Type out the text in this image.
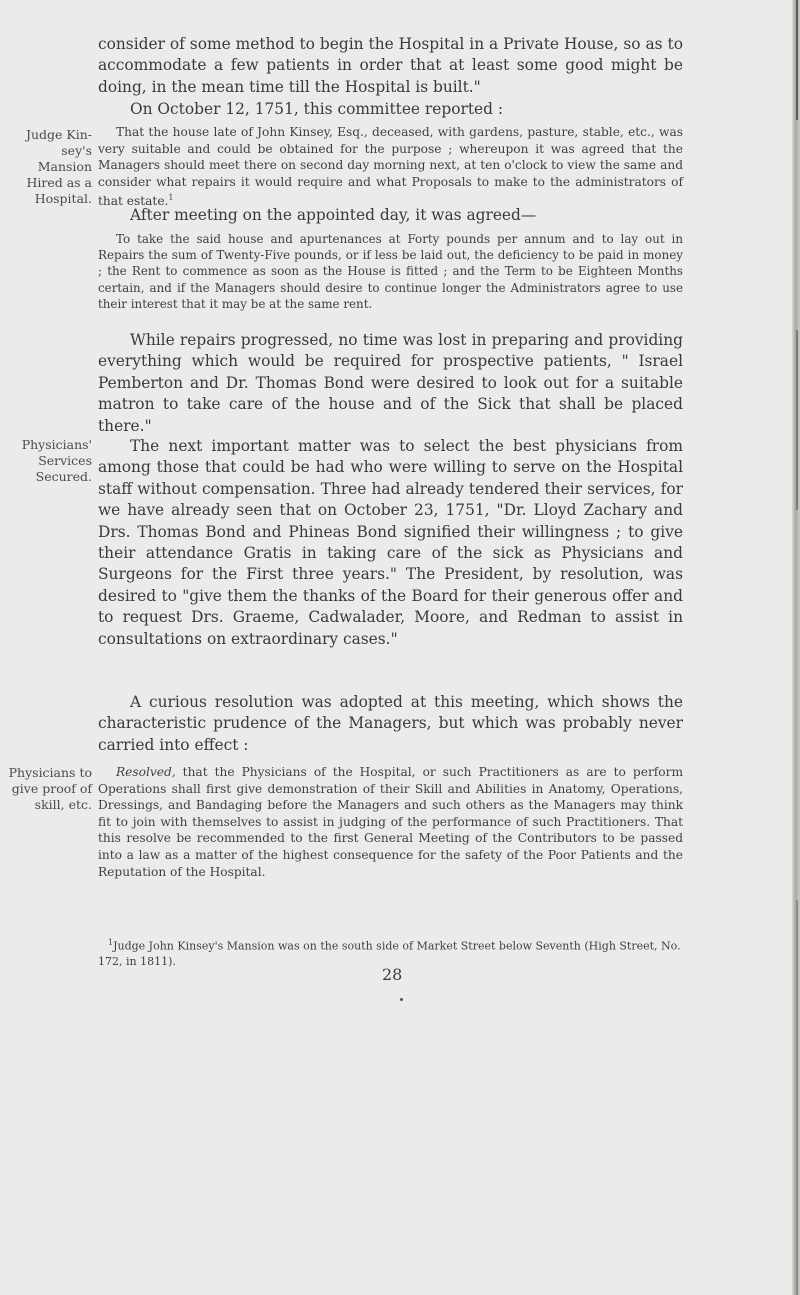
consider of some method to begin the Hospital in a Private House, so as to accommodate a few patients in order that at least some good might be doing, in the mean time till the Hospital is built."

On October 12, 1751, this committee reported :

Judge Kin-
sey's Mansion
Hired as a
Hospital.

That the house late of John Kinsey, Esq., deceased, with gardens, pasture, stable, etc., was very suitable and could be obtained for the purpose ; whereupon it was agreed that the Managers should meet there on second day morning next, at ten o'clock to view the same and consider what repairs it would require and what Proposals to make to the administrators of that estate.$^1$

After meeting on the appointed day, it was agreed—

To take the said house and apurtenances at Forty pounds per annum and to lay out in Repairs the sum of Twenty-Five pounds, or if less be laid out, the deficiency to be paid in money ; the Rent to commence as soon as the House is fitted ; and the Term to be Eighteen Months certain, and if the Managers should desire to continue longer the Administrators agree to use their interest that it may be at the same rent.

While repairs progressed, no time was lost in preparing and providing everything which would be required for prospective patients, " Israel Pemberton and Dr. Thomas Bond were desired to look out for a suitable matron to take care of the house and of the Sick that shall be placed there."

Physicians'
Services
Secured.

The next important matter was to select the best physicians from among those that could be had who were willing to serve on the Hospital staff without compensation. Three had already tendered their services, for we have already seen that on October 23, 1751, "Dr. Lloyd Zachary and Drs. Thomas Bond and Phineas Bond signified their willingness ; to give their attendance Gratis in taking care of the sick as Physicians and Surgeons for the First three years." The President, by resolution, was desired to "give them the thanks of the Board for their generous offer and to request Drs. Graeme, Cadwalader, Moore, and Redman to assist in consultations on extraordinary cases."

A curious resolution was adopted at this meeting, which shows the characteristic prudence of the Managers, but which was probably never carried into effect :

Physicians to
give proof of
skill, etc.

Resolved, that the Physicians of the Hospital, or such Practitioners as are to perform Operations shall first give demonstration of their Skill and Abilities in Anatomy, Operations, Dressings, and Bandaging before the Managers and such others as the Managers may think fit to join with themselves to assist in judging of the performance of such Practitioners. That this resolve be recommended to the first General Meeting of the Contributors to be passed into a law as a matter of the highest consequence for the safety of the Poor Patients and the Reputation of the Hospital.

$^1$Judge John Kinsey's Mansion was on the south side of Market Street below Seventh (High Street, No. 172, in 1811).

28
